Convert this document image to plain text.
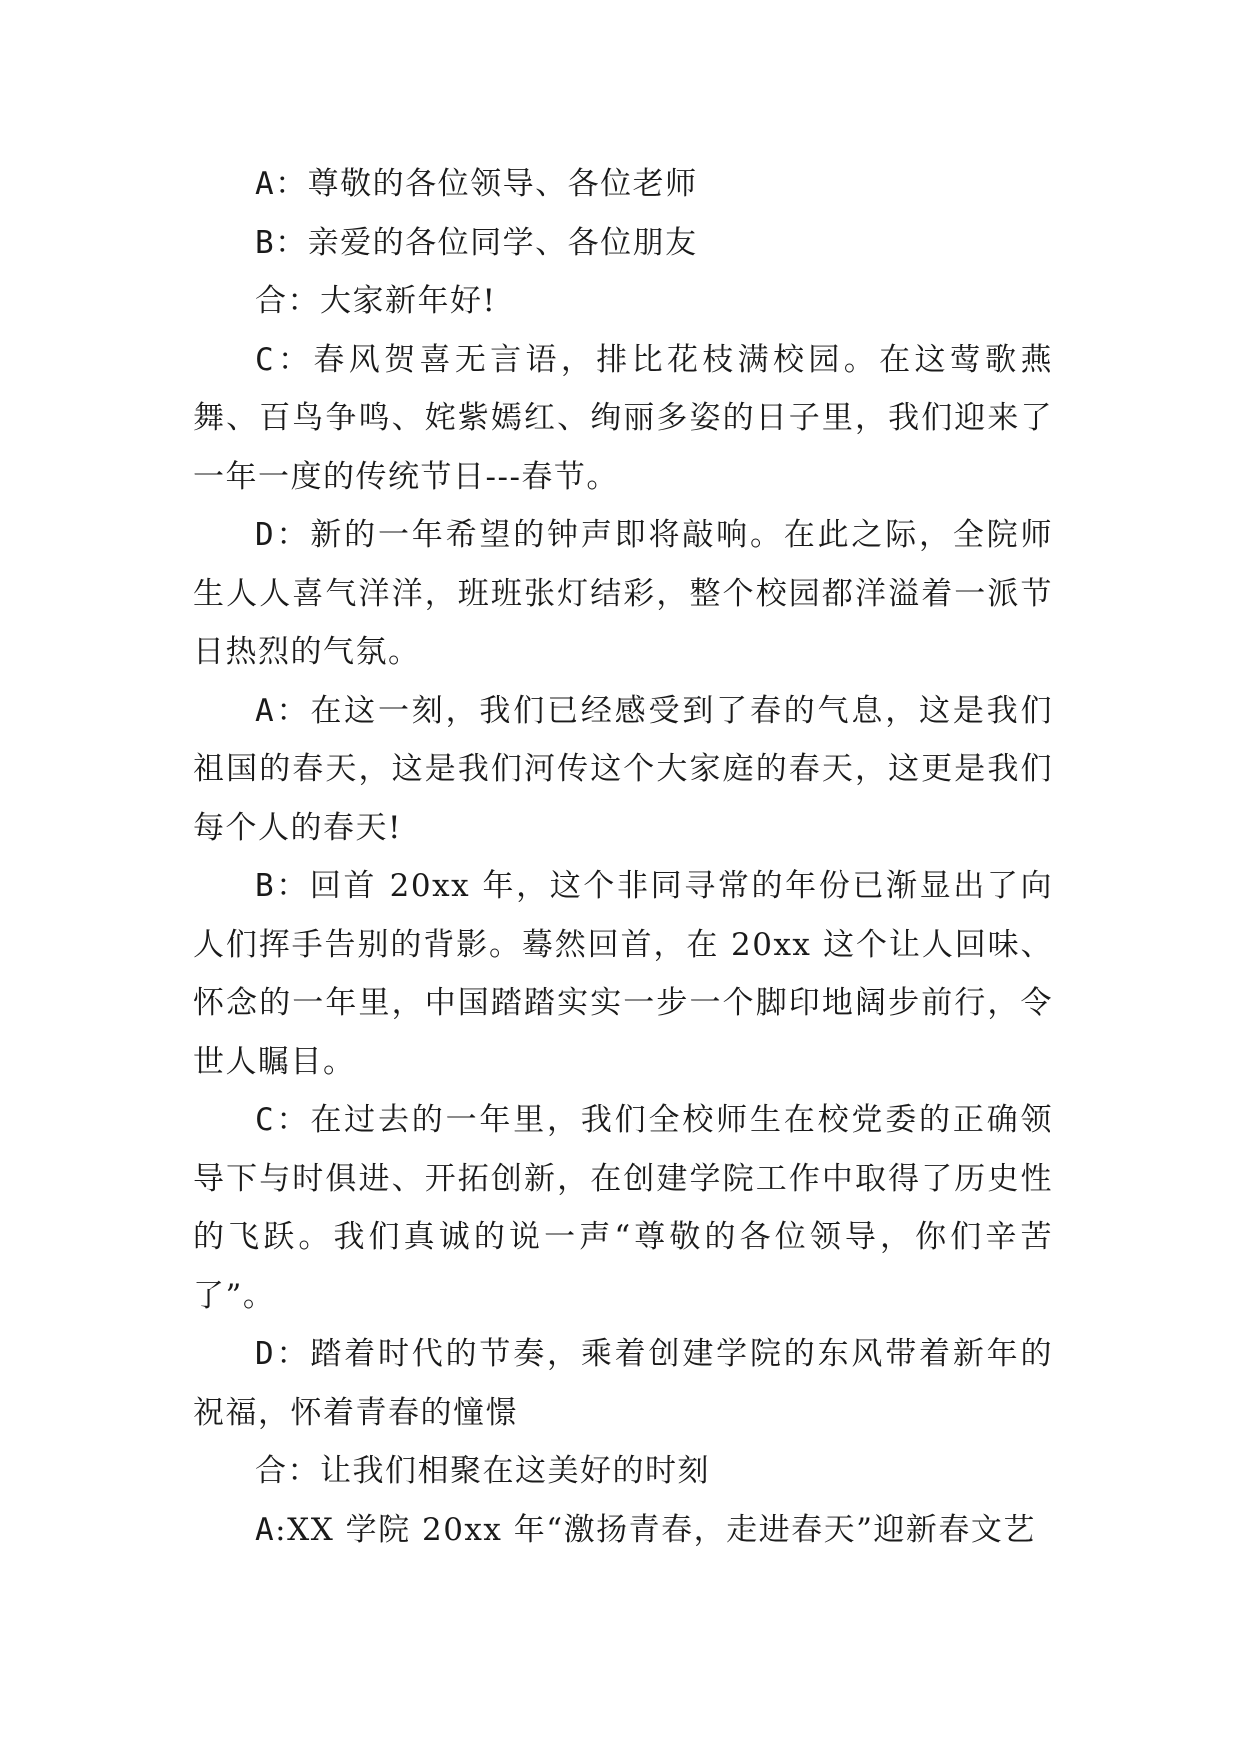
A：尊敬的各位领导、各位老师

B：亲爱的各位同学、各位朋友

合：大家新年好!

C：春风贺喜无言语，排比花枝满校园。在这莺歌燕舞、百鸟争鸣、姹紫嫣红、绚丽多姿的日子里，我们迎来了一年一度的传统节日---春节。

D：新的一年希望的钟声即将敲响。在此之际，全院师生人人喜气洋洋，班班张灯结彩，整个校园都洋溢着一派节日热烈的气氛。

A：在这一刻，我们已经感受到了春的气息，这是我们祖国的春天，这是我们河传这个大家庭的春天，这更是我们每个人的春天!

B：回首 20xx 年，这个非同寻常的年份已渐显出了向人们挥手告别的背影。蓦然回首，在 20xx 这个让人回味、怀念的一年里，中国踏踏实实一步一个脚印地阔步前行，令世人瞩目。

C：在过去的一年里，我们全校师生在校党委的正确领导下与时俱进、开拓创新，在创建学院工作中取得了历史性的飞跃。我们真诚的说一声“尊敬的各位领导，你们辛苦了”。

D：踏着时代的节奏，乘着创建学院的东风带着新年的祝福，怀着青春的憧憬

合：让我们相聚在这美好的时刻

A:XX 学院 20xx 年“激扬青春，走进春天”迎新春文艺
